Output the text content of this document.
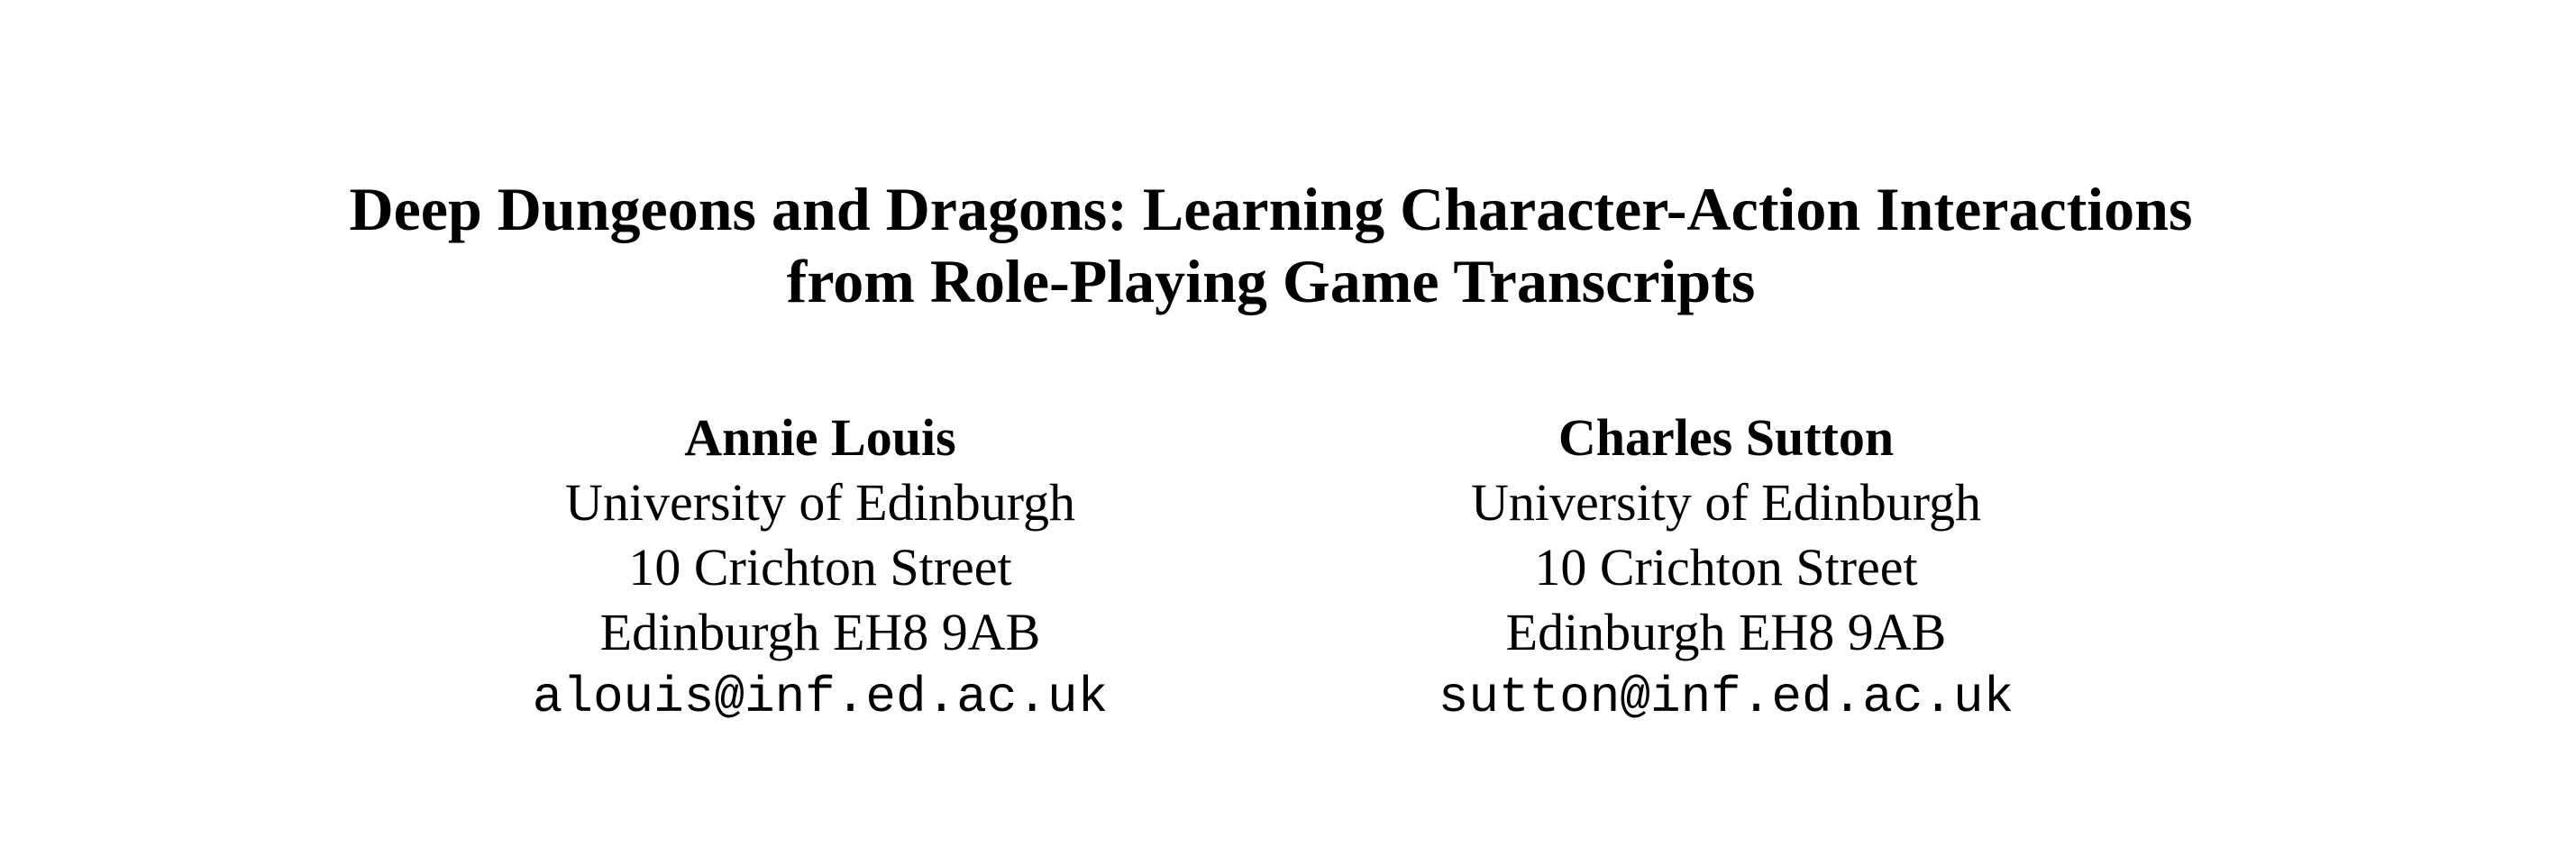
Deep Dungeons and Dragons: Learning Character-Action Interactions
from Role-Playing Game Transcripts
Annie Louis
University of Edinburgh
10 Crichton Street
Edinburgh EH8 9AB
alouis@inf.ed.ac.uk
Charles Sutton
University of Edinburgh
10 Crichton Street
Edinburgh EH8 9AB
sutton@inf.ed.ac.uk
